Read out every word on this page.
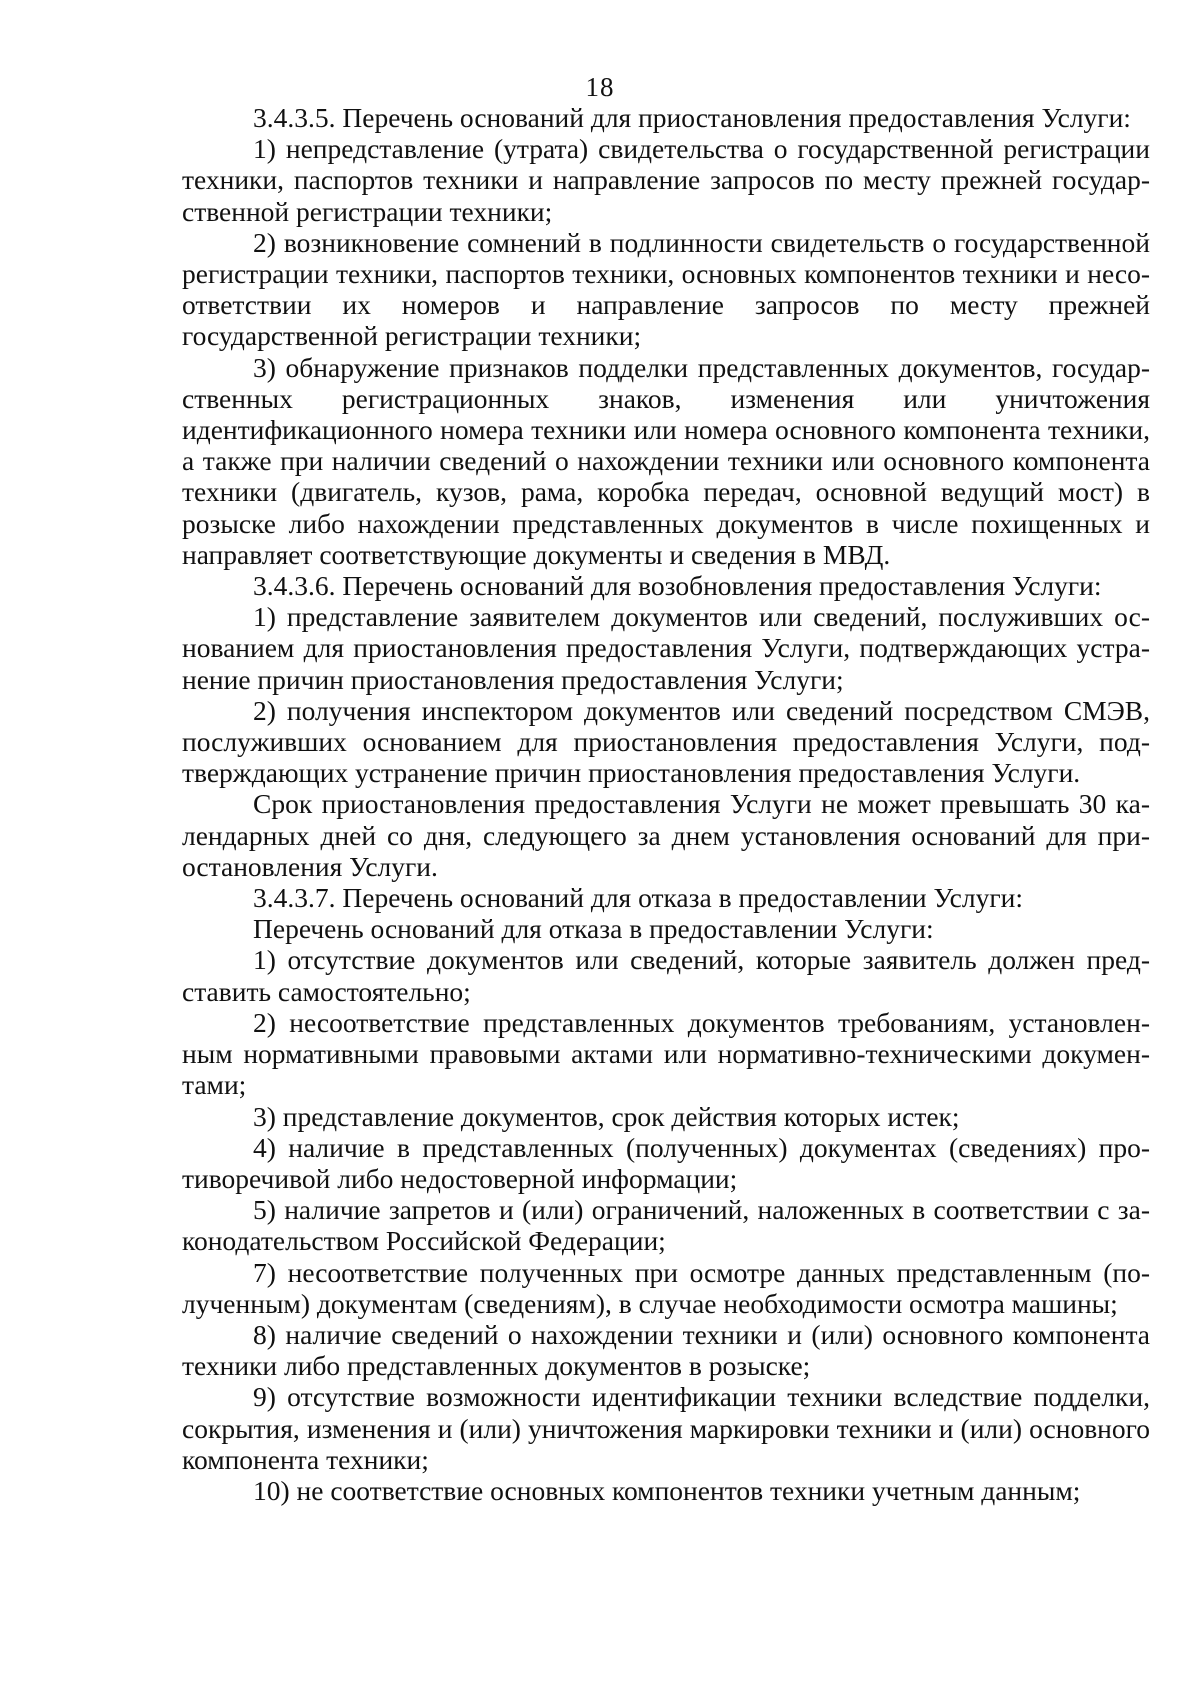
18

3.4.3.5. Перечень оснований для приостановления предоставления Услуги:

1) непредставление (утрата) свидетельства о государственной регистрации техники, паспортов техники и направление запросов по месту прежней государственной регистрации техники;

2) возникновение сомнений в подлинности свидетельств о государственной регистрации техники, паспортов техники, основных компонентов техники и несоответствии их номеров и направление запросов по месту прежней государственной регистрации техники;

3) обнаружение признаков подделки представленных документов, государственных регистрационных знаков, изменения или уничтожения идентификационного номера техники или номера основного компонента техники, а также при наличии сведений о нахождении техники или основного компонента техники (двигатель, кузов, рама, коробка передач, основной ведущий мост) в розыске либо нахождении представленных документов в числе похищенных и направляет соответствующие документы и сведения в МВД.

3.4.3.6. Перечень оснований для возобновления предоставления Услуги:

1) представление заявителем документов или сведений, послуживших основанием для приостановления предоставления Услуги, подтверждающих устранение причин приостановления предоставления Услуги;

2) получения инспектором документов или сведений посредством СМЭВ, послуживших основанием для приостановления предоставления Услуги, подтверждающих устранение причин приостановления предоставления Услуги.

Срок приостановления предоставления Услуги не может превышать 30 календарных дней со дня, следующего за днем установления оснований для приостановления Услуги.

3.4.3.7. Перечень оснований для отказа в предоставлении Услуги:

Перечень оснований для отказа в предоставлении Услуги:

1) отсутствие документов или сведений, которые заявитель должен представить самостоятельно;

2) несоответствие представленных документов требованиям, установленным нормативными правовыми актами или нормативно-техническими документами;

3) представление документов, срок действия которых истек;

4) наличие в представленных (полученных) документах (сведениях) противоречивой либо недостоверной информации;

5) наличие запретов и (или) ограничений, наложенных в соответствии с законодательством Российской Федерации;

7) несоответствие полученных при осмотре данных представленным (полученным) документам (сведениям), в случае необходимости осмотра машины;

8) наличие сведений о нахождении техники и (или) основного компонента техники либо представленных документов в розыске;

9) отсутствие возможности идентификации техники вследствие подделки, сокрытия, изменения и (или) уничтожения маркировки техники и (или) основного компонента техники;

10) не соответствие основных компонентов техники учетным данным;
